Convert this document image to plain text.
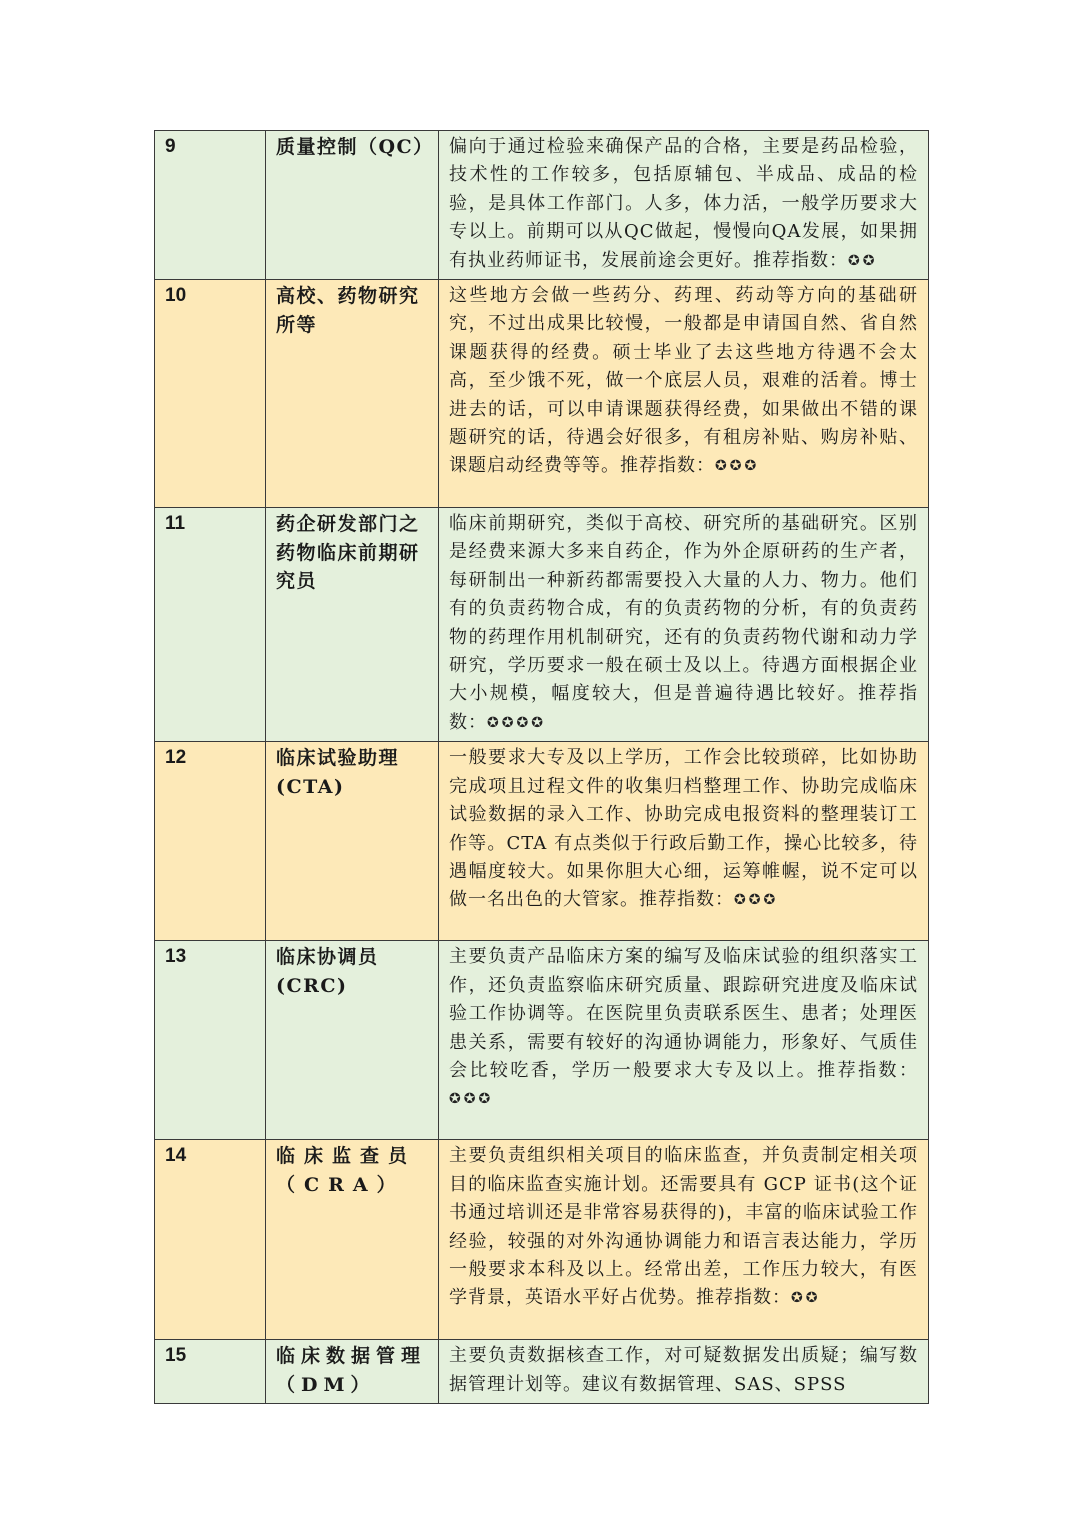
9	质量控制（QC）	偏向于通过检验来确保产品的合格，主要是药品检验，技术性的工作较多，包括原辅包、半成品、成品的检验，是具体工作部门。人多，体力活，一般学历要求大专以上。前期可以从QC做起，慢慢向QA发展，如果拥有执业药师证书，发展前途会更好。推荐指数：✪✪
10	高校、药物研究所等	这些地方会做一些药分、药理、药动等方向的基础研究，不过出成果比较慢，一般都是申请国自然、省自然课题获得的经费。硕士毕业了去这些地方待遇不会太高，至少饿不死，做一个底层人员，艰难的活着。博士进去的话，可以申请课题获得经费，如果做出不错的课题研究的话，待遇会好很多，有租房补贴、购房补贴、课题启动经费等等。推荐指数：✪✪✪
11	药企研发部门之药物临床前期研究员	临床前期研究，类似于高校、研究所的基础研究。区别是经费来源大多来自药企，作为外企原研药的生产者，每研制出一种新药都需要投入大量的人力、物力。他们有的负责药物合成，有的负责药物的分析，有的负责药物的药理作用机制研究，还有的负责药物代谢和动力学研究，学历要求一般在硕士及以上。待遇方面根据企业大小规模，幅度较大，但是普遍待遇比较好。推荐指数：✪✪✪✪
12	临床试验助理(CTA)	一般要求大专及以上学历，工作会比较琐碎，比如协助完成项且过程文件的收集归档整理工作、协助完成临床试验数据的录入工作、协助完成电报资料的整理装订工作等。CTA 有点类似于行政后勤工作，操心比较多，待遇幅度较大。如果你胆大心细，运筹帷幄，说不定可以做一名出色的大管家。推荐指数：✪✪✪
13	临床协调员(CRC)	主要负责产品临床方案的编写及临床试验的组织落实工作，还负责监察临床研究质量、跟踪研究进度及临床试验工作协调等。在医院里负责联系医生、患者；处理医患关系，需要有较好的沟通协调能力，形象好、气质佳会比较吃香，学历一般要求大专及以上。推荐指数：✪✪✪
14	临床监查员（CRA）	主要负责组织相关项目的临床监查，并负责制定相关项目的临床监查实施计划。还需要具有 GCP 证书(这个证书通过培训还是非常容易获得的)，丰富的临床试验工作经验，较强的对外沟通协调能力和语言表达能力，学历一般要求本科及以上。经常出差，工作压力较大，有医学背景，英语水平好占优势。推荐指数：✪✪
15	临床数据管理（DM）	主要负责数据核查工作，对可疑数据发出质疑；编写数据管理计划等。建议有数据管理、SAS、SPSS
